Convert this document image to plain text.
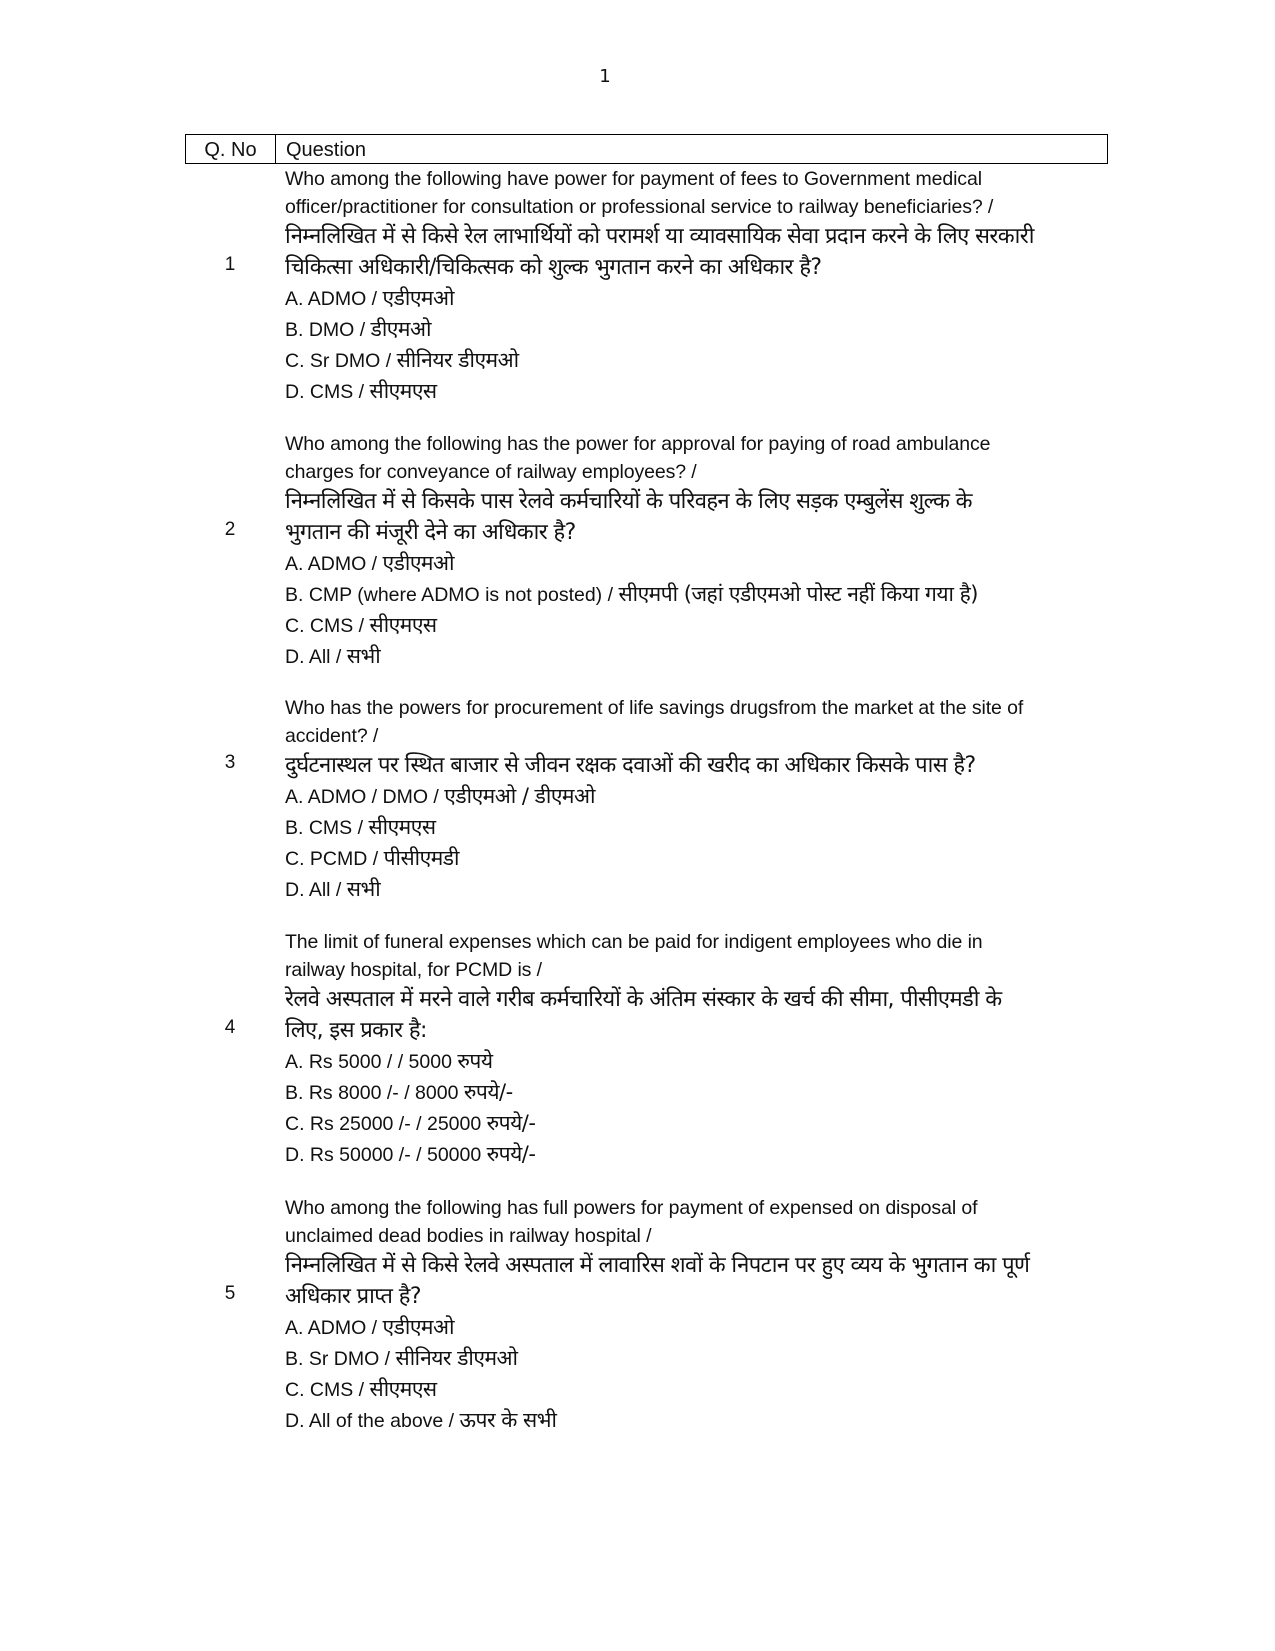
1
Q. No	Question
1
Who among the following have power for payment of fees to Government medical
officer/practitioner for consultation or professional service to railway beneficiaries? /
निम्नलिखित में से किसे रेल लाभार्थियों को परामर्श या व्यावसायिक सेवा प्रदान करने के लिए सरकारी
चिकित्सा अधिकारी/चिकित्सक को शुल्क भुगतान करने का अधिकार है?
A. ADMO / एडीएमओ
B. DMO / डीएमओ
C. Sr DMO / सीनियर डीएमओ
D. CMS / सीएमएस
2
Who among the following has the power for approval for paying of road ambulance
charges for conveyance of railway employees? /
निम्नलिखित में से किसके पास रेलवे कर्मचारियों के परिवहन के लिए सड़क एम्बुलेंस शुल्क के
भुगतान की मंजूरी देने का अधिकार है?
A. ADMO / एडीएमओ
B. CMP (where ADMO is not posted) / सीएमपी (जहां एडीएमओ पोस्ट नहीं किया गया है)
C. CMS / सीएमएस
D. All / सभी
3
Who has the powers for procurement of life savings drugsfrom the market at the site of
accident? /
दुर्घटनास्थल पर स्थित बाजार से जीवन रक्षक दवाओं की खरीद का अधिकार किसके पास है?
A. ADMO / DMO / एडीएमओ / डीएमओ
B. CMS / सीएमएस
C. PCMD / पीसीएमडी
D. All / सभी
4
The limit of funeral expenses which can be paid for indigent employees who die in
railway hospital, for PCMD is /
रेलवे अस्पताल में मरने वाले गरीब कर्मचारियों के अंतिम संस्कार के खर्च की सीमा, पीसीएमडी के
लिए, इस प्रकार है:
A. Rs 5000 / / 5000 रुपये
B. Rs 8000 /- / 8000 रुपये/-
C. Rs 25000 /- / 25000 रुपये/-
D. Rs 50000 /- / 50000 रुपये/-
5
Who among the following has full powers for payment of expensed on disposal of
unclaimed dead bodies in railway hospital /
निम्नलिखित में से किसे रेलवे अस्पताल में लावारिस शवों के निपटान पर हुए व्यय के भुगतान का पूर्ण
अधिकार प्राप्त है?
A. ADMO / एडीएमओ
B. Sr DMO / सीनियर डीएमओ
C. CMS / सीएमएस
D. All of the above / ऊपर के सभी
